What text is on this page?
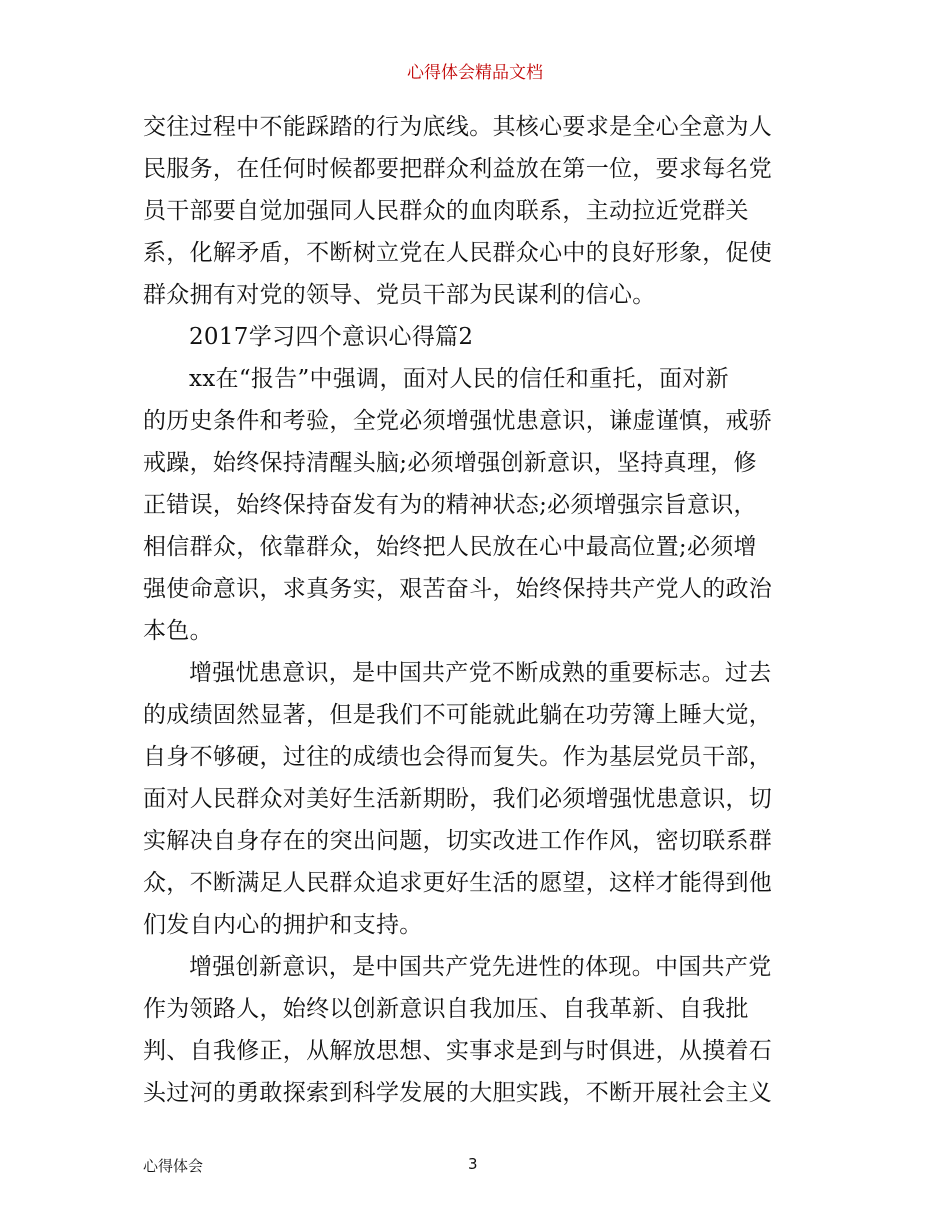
心得体会精品文档
交往过程中不能踩踏的行为底线。其核心要求是全心全意为人
民服务，在任何时候都要把群众利益放在第一位，要求每名党
员干部要自觉加强同人民群众的血肉联系，主动拉近党群关
系，化解矛盾，不断树立党在人民群众心中的良好形象，促使
群众拥有对党的领导、党员干部为民谋利的信心。
2017学习四个意识心得篇2
xx在“报告”中强调，面对人民的信任和重托，面对新
的历史条件和考验，全党必须增强忧患意识，谦虚谨慎，戒骄
戒躁，始终保持清醒头脑;必须增强创新意识，坚持真理，修
正错误，始终保持奋发有为的精神状态;必须增强宗旨意识，
相信群众，依靠群众，始终把人民放在心中最高位置;必须增
强使命意识，求真务实，艰苦奋斗，始终保持共产党人的政治
本色。
增强忧患意识，是中国共产党不断成熟的重要标志。过去
的成绩固然显著，但是我们不可能就此躺在功劳簿上睡大觉，
自身不够硬，过往的成绩也会得而复失。作为基层党员干部，
面对人民群众对美好生活新期盼，我们必须增强忧患意识，切
实解决自身存在的突出问题，切实改进工作作风，密切联系群
众，不断满足人民群众追求更好生活的愿望，这样才能得到他
们发自内心的拥护和支持。
增强创新意识，是中国共产党先进性的体现。中国共产党
作为领路人，始终以创新意识自我加压、自我革新、自我批
判、自我修正，从解放思想、实事求是到与时俱进，从摸着石
头过河的勇敢探索到科学发展的大胆实践，不断开展社会主义
心得体会	3
